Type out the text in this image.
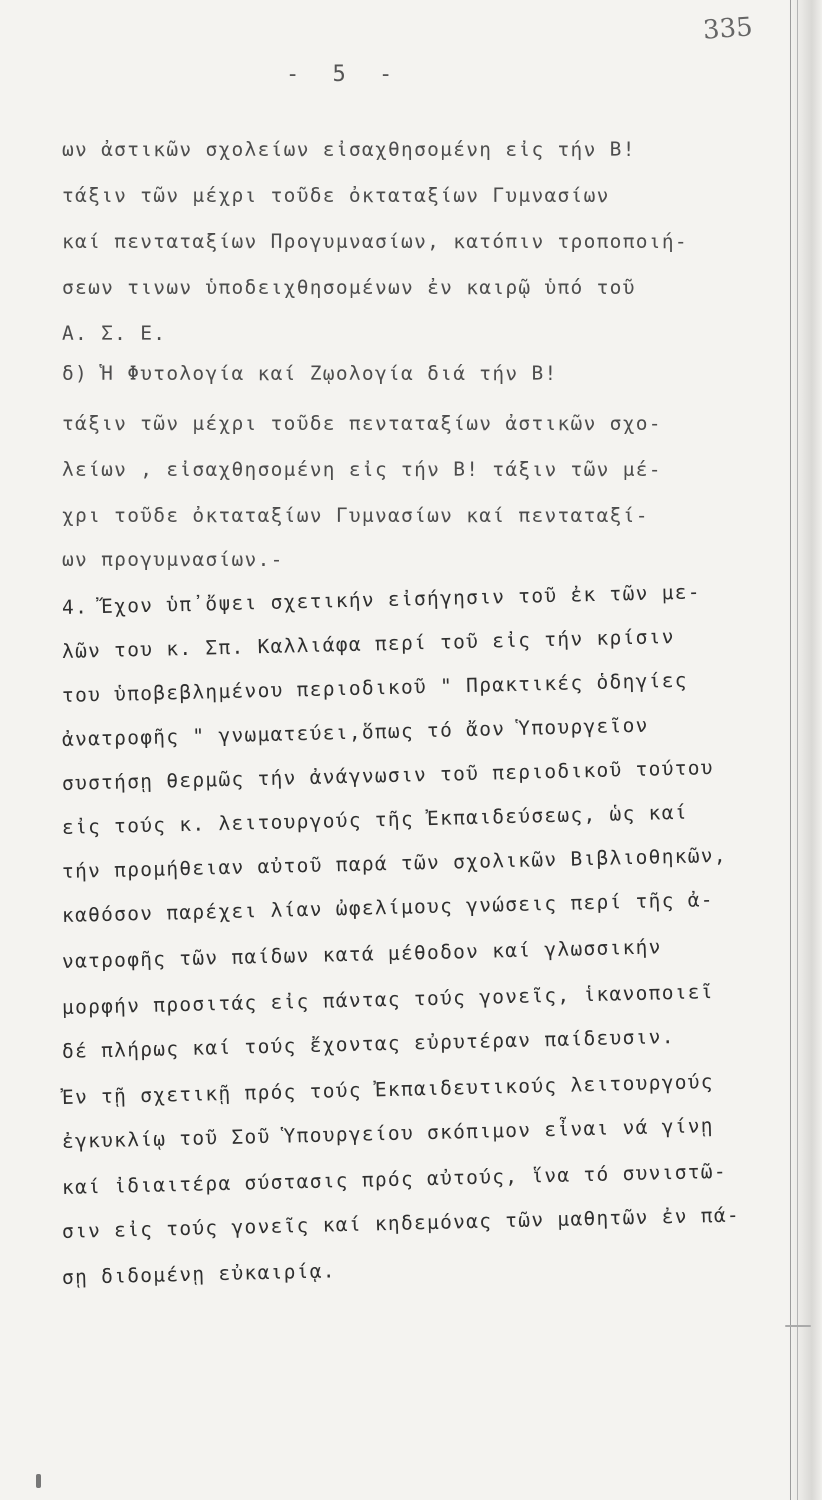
335
- 5 -
ων ἀστικῶν σχολείων εἰσαχθησομένη εἰς τήν Β!
τάξιν τῶν μέχρι τοῦδε ὀκταταξίων Γυμνασίων
καί πενταταξίων Προγυμνασίων, κατόπιν τροποποιή-
σεων τινων ὑποδειχθησομένων ἐν καιρῷ ὑπό τοῦ
Α. Σ. Ε.
δ) Ἡ Φυτολογία καί Ζῳολογία διά τήν Β!
τάξιν τῶν μέχρι τοῦδε πενταταξίων ἀστικῶν σχο-
λείων , εἰσαχθησομένη εἰς τήν Β! τάξιν τῶν μέ-
χρι τοῦδε ὀκταταξίων Γυμνασίων καί πενταταξί-
ων προγυμνασίων.-
4. Ἔχον ὑπ᾽ὄψει σχετικήν εἰσήγησιν τοῦ ἐκ τῶν με-
λῶν του κ. Σπ. Καλλιάφα περί τοῦ εἰς τήν κρίσιν
του ὑποβεβλημένου περιοδικοῦ " Πρακτικές ὁδηγίες
ἀνατροφῆς " γνωματεύει,ὅπως τό ἄον Ὑπουργεῖον
συστήσῃ θερμῶς τήν ἀνάγνωσιν τοῦ περιοδικοῦ τούτου
εἰς τούς κ. λειτουργούς τῆς Ἐκπαιδεύσεως, ὡς καί
τήν προμήθειαν αὐτοῦ παρά τῶν σχολικῶν Βιβλιοθηκῶν,
καθόσον παρέχει λίαν ὠφελίμους γνώσεις περί τῆς ἀ-
νατροφῆς τῶν παίδων κατά μέθοδον καί γλωσσικήν
μορφήν προσιτάς εἰς πάντας τούς γονεῖς, ἱκανοποιεῖ
δέ πλήρως καί τούς ἔχοντας εὐρυτέραν παίδευσιν.
Ἐν τῇ σχετικῇ πρός τούς Ἐκπαιδευτικούς λειτουργούς
ἐγκυκλίῳ τοῦ Σοῦ Ὑπουργείου σκόπιμον εἶναι νά γίνῃ
καί ἰδιαιτέρα σύστασις πρός αὐτούς, ἵνα τό συνιστῶ-
σιν εἰς τούς γονεῖς καί κηδεμόνας τῶν μαθητῶν ἐν πά-
σῃ διδομένῃ εὐκαιρίᾳ.
